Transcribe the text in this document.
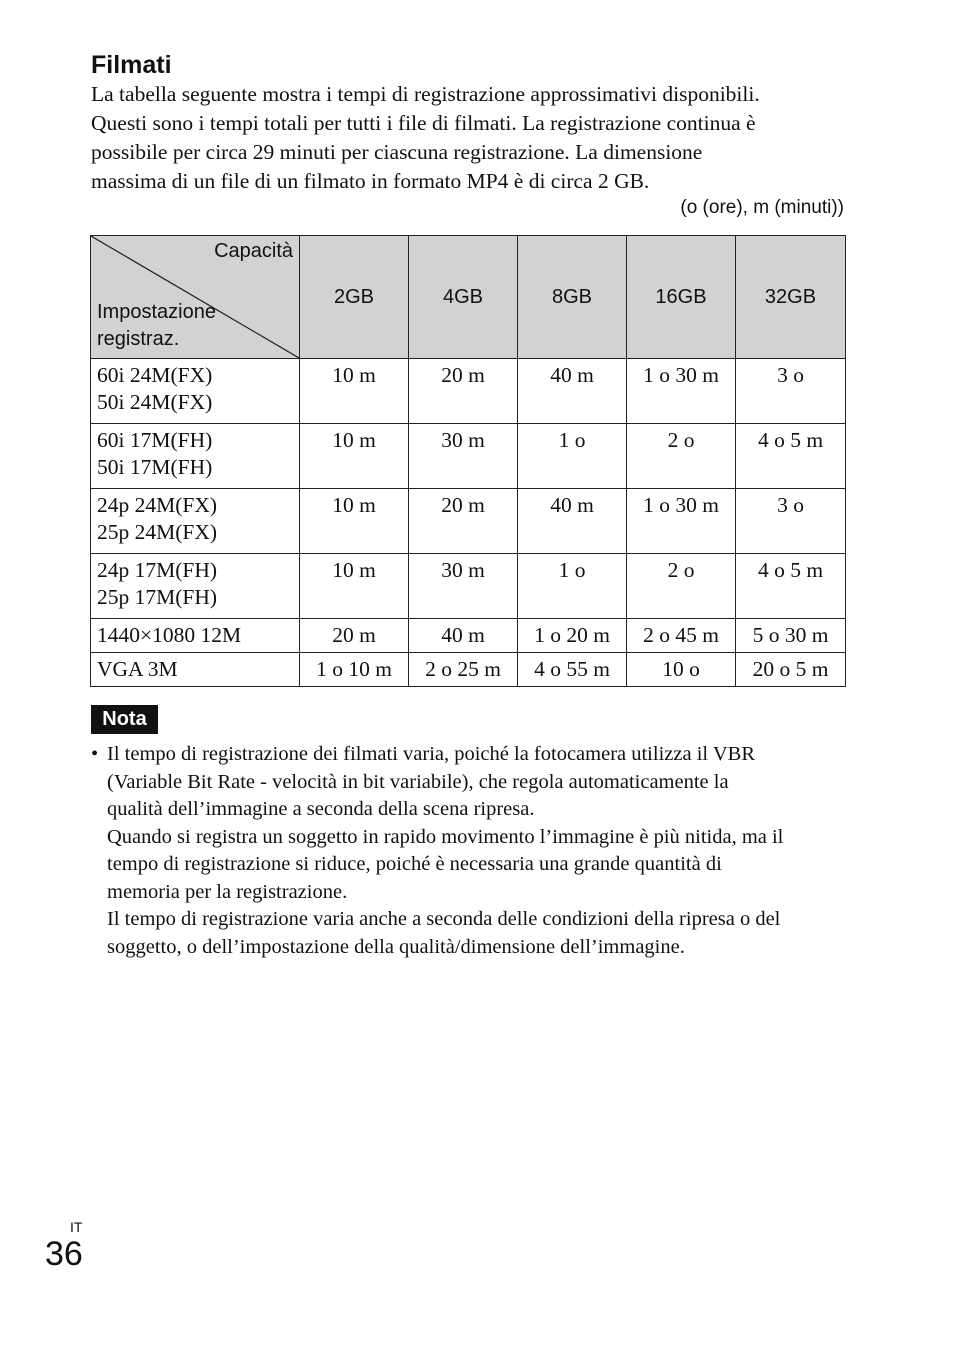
Filmati

La tabella seguente mostra i tempi di registrazione approssimativi disponibili.

Questi sono i tempi totali per tutti i file di filmati. La registrazione continua è

possibile per circa 29 minuti per ciascuna registrazione. La dimensione

massima di un file di un filmato in formato MP4 è di circa 2 GB.

(o (ore), m (minuti))
Capacità
Impostazione
registraz.	2GB	4GB	8GB	16GB	32GB
60i 24M(FX)
50i 24M(FX)	10 m	20 m	40 m	1 o 30 m	3 o
60i 17M(FH)
50i 17M(FH)	10 m	30 m	1 o	2 o	4 o 5 m
24p 24M(FX)
25p 24M(FX)	10 m	20 m	40 m	1 o 30 m	3 o
24p 17M(FH)
25p 17M(FH)	10 m	30 m	1 o	2 o	4 o 5 m
1440×1080 12M	20 m	40 m	1 o 20 m	2 o 45 m	5 o 30 m
VGA 3M	1 o 10 m	2 o 25 m	4 o 55 m	10 o	20 o 5 m
Nota
• Il tempo di registrazione dei filmati varia, poiché la fotocamera utilizza il VBR

(Variable Bit Rate - velocità in bit variabile), che regola automaticamente la

qualità dell’immagine a seconda della scena ripresa.

Quando si registra un soggetto in rapido movimento l’immagine è più nitida, ma il

tempo di registrazione si riduce, poiché è necessaria una grande quantità di

memoria per la registrazione.

Il tempo di registrazione varia anche a seconda delle condizioni della ripresa o del

soggetto, o dell’impostazione della qualità/dimensione dell’immagine.

IT
36
